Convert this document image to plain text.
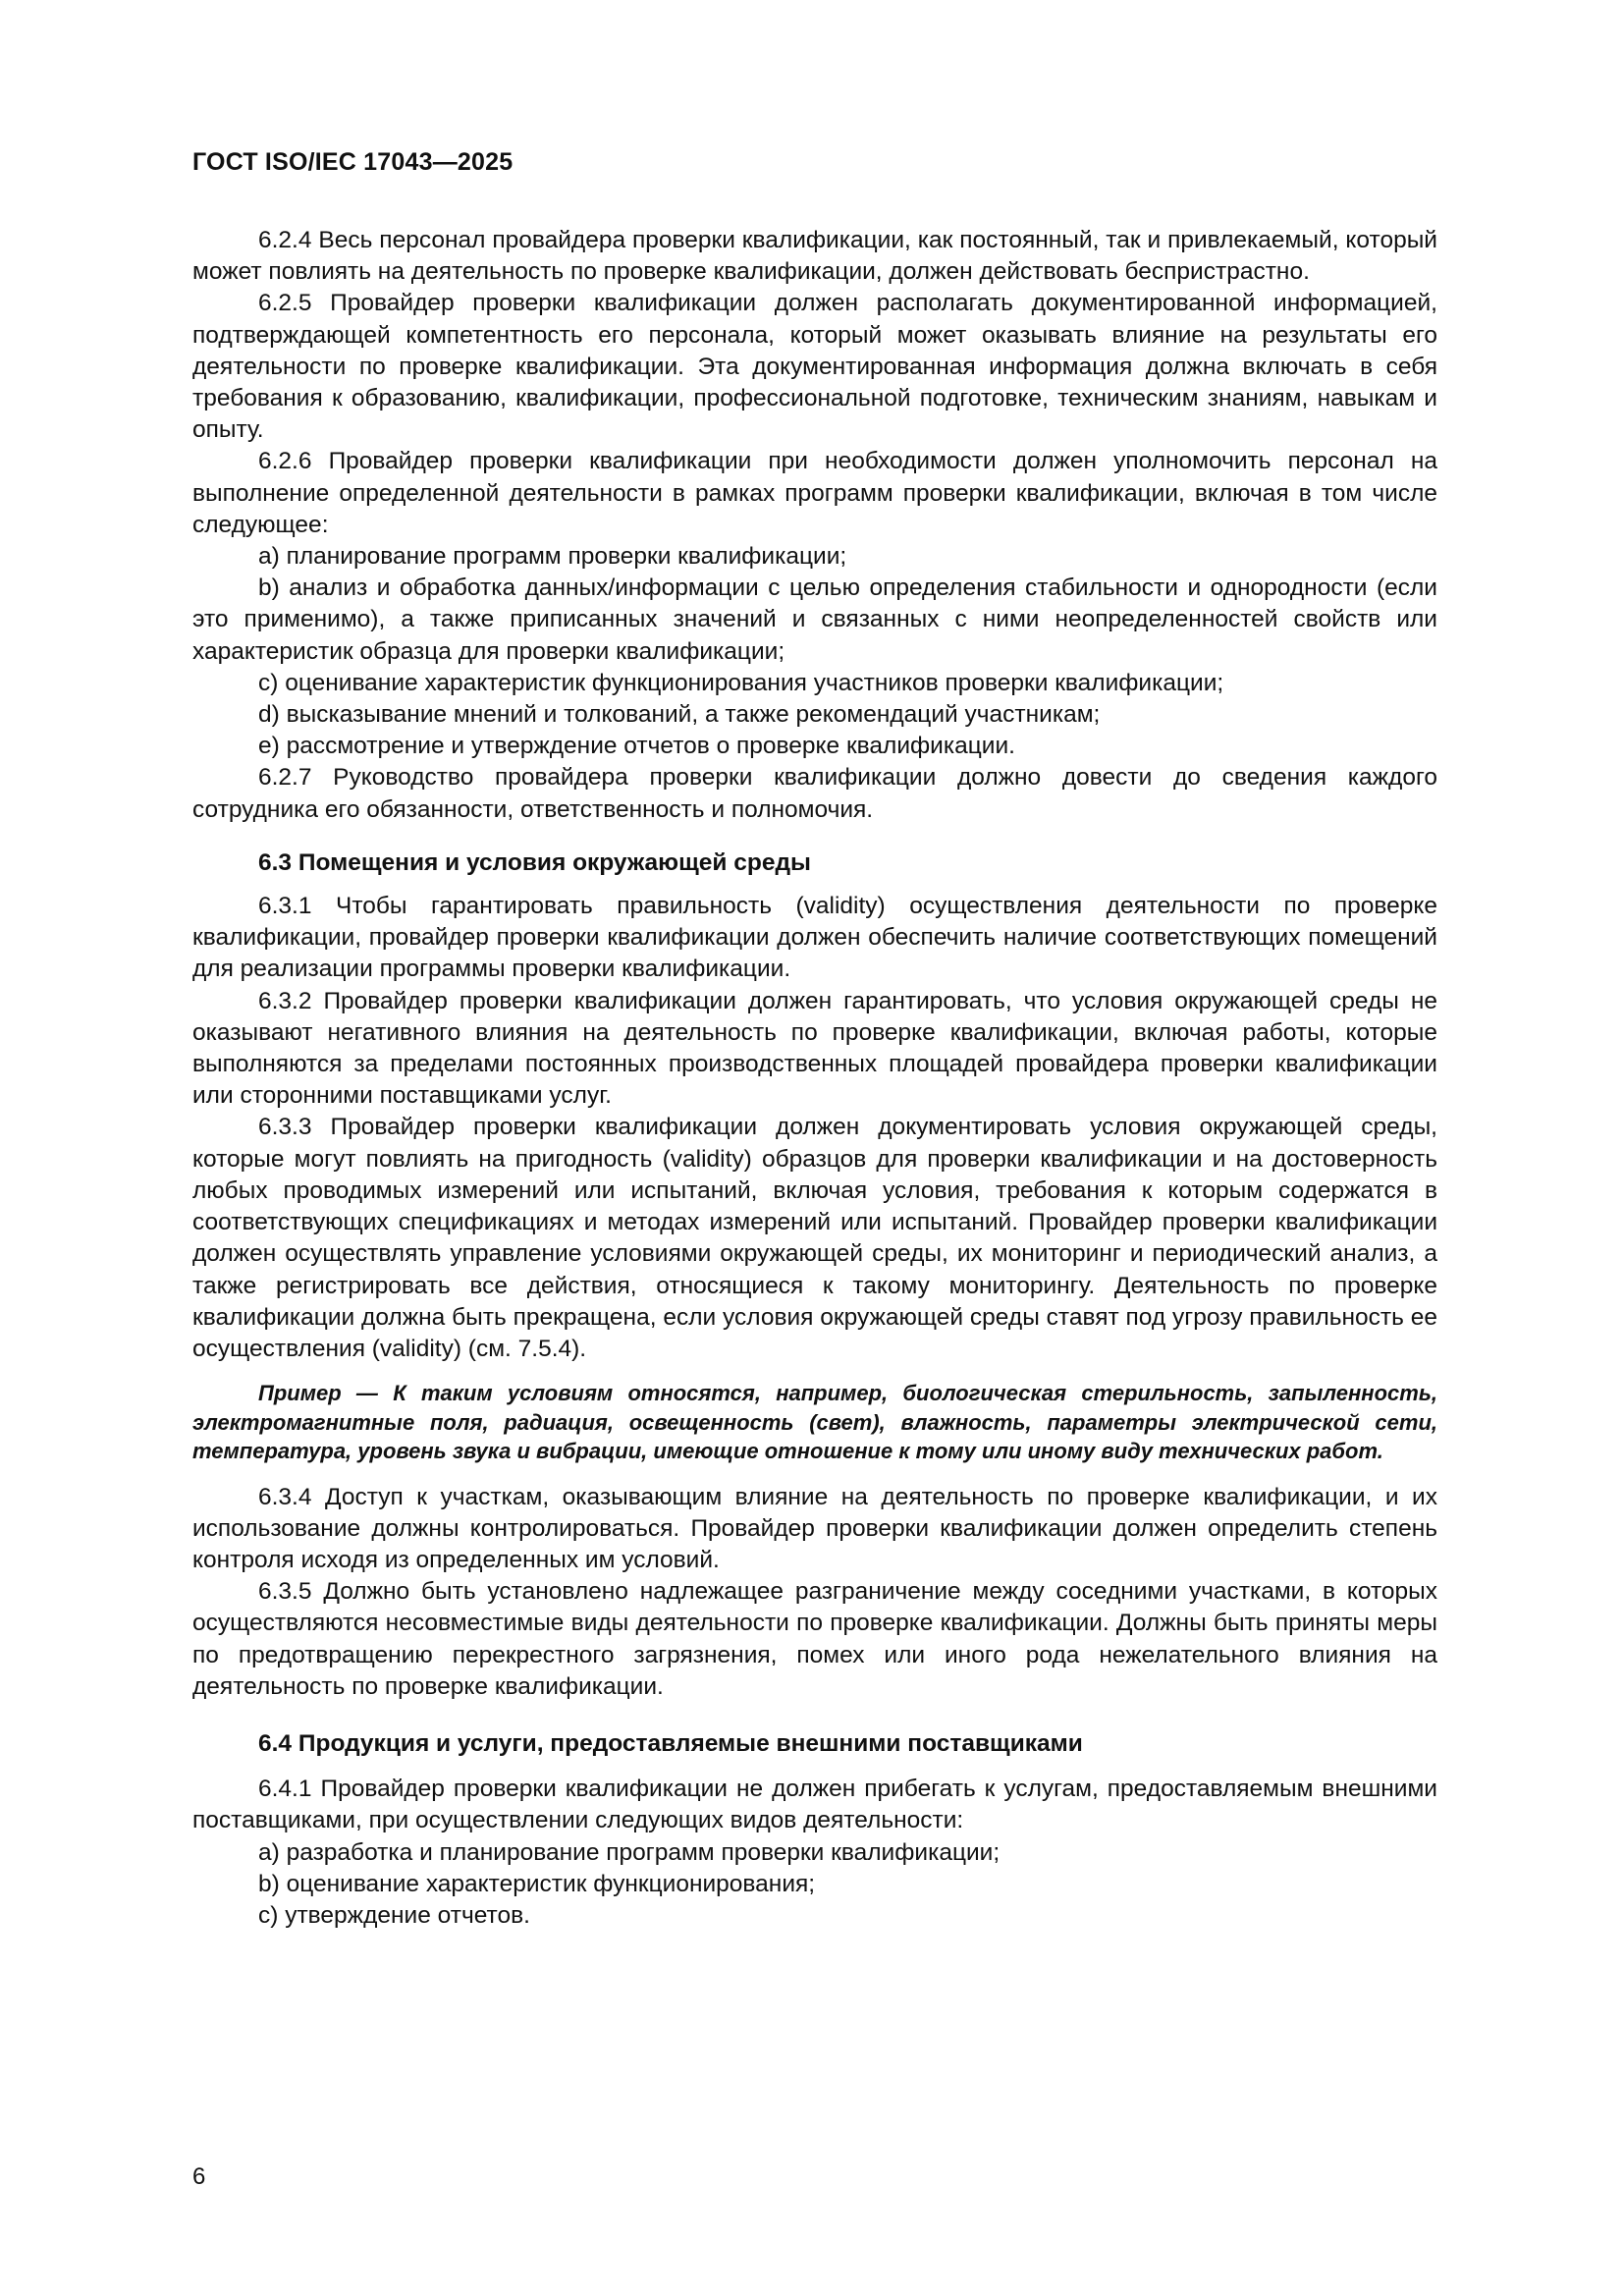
ГОСТ ISO/IEC 17043—2025

6.2.4 Весь персонал провайдера проверки квалификации, как постоянный, так и привлекаемый, который может повлиять на деятельность по проверке квалификации, должен действовать беспристрастно.

6.2.5 Провайдер проверки квалификации должен располагать документированной информацией, подтверждающей компетентность его персонала, который может оказывать влияние на результаты его деятельности по проверке квалификации. Эта документированная информация должна включать в себя требования к образованию, квалификации, профессиональной подготовке, техническим знаниям, навыкам и опыту.

6.2.6 Провайдер проверки квалификации при необходимости должен уполномочить персонал на выполнение определенной деятельности в рамках программ проверки квалификации, включая в том числе следующее:

а) планирование программ проверки квалификации;

b) анализ и обработка данных/информации с целью определения стабильности и однородности (если это применимо), а также приписанных значений и связанных с ними неопределенностей свойств или характеристик образца для проверки квалификации;

с) оценивание характеристик функционирования участников проверки квалификации;

d) высказывание мнений и толкований, а также рекомендаций участникам;

е) рассмотрение и утверждение отчетов о проверке квалификации.

6.2.7 Руководство провайдера проверки квалификации должно довести до сведения каждого сотрудника его обязанности, ответственность и полномочия.

6.3 Помещения и условия окружающей среды

6.3.1 Чтобы гарантировать правильность (validity) осуществления деятельности по проверке квалификации, провайдер проверки квалификации должен обеспечить наличие соответствующих помещений для реализации программы проверки квалификации.

6.3.2 Провайдер проверки квалификации должен гарантировать, что условия окружающей среды не оказывают негативного влияния на деятельность по проверке квалификации, включая работы, которые выполняются за пределами постоянных производственных площадей провайдера проверки квалификации или сторонними поставщиками услуг.

6.3.3 Провайдер проверки квалификации должен документировать условия окружающей среды, которые могут повлиять на пригодность (validity) образцов для проверки квалификации и на достоверность любых проводимых измерений или испытаний, включая условия, требования к которым содержатся в соответствующих спецификациях и методах измерений или испытаний. Провайдер проверки квалификации должен осуществлять управление условиями окружающей среды, их мониторинг и периодический анализ, а также регистрировать все действия, относящиеся к такому мониторингу. Деятельность по проверке квалификации должна быть прекращена, если условия окружающей среды ставят под угрозу правильность ее осуществления (validity) (см. 7.5.4).

Пример — К таким условиям относятся, например, биологическая стерильность, запыленность, электромагнитные поля, радиация, освещенность (свет), влажность, параметры электрической сети, температура, уровень звука и вибрации, имеющие отношение к тому или иному виду технических работ.

6.3.4 Доступ к участкам, оказывающим влияние на деятельность по проверке квалификации, и их использование должны контролироваться. Провайдер проверки квалификации должен определить степень контроля исходя из определенных им условий.

6.3.5 Должно быть установлено надлежащее разграничение между соседними участками, в которых осуществляются несовместимые виды деятельности по проверке квалификации. Должны быть приняты меры по предотвращению перекрестного загрязнения, помех или иного рода нежелательного влияния на деятельность по проверке квалификации.

6.4 Продукция и услуги, предоставляемые внешними поставщиками

6.4.1 Провайдер проверки квалификации не должен прибегать к услугам, предоставляемым внешними поставщиками, при осуществлении следующих видов деятельности:

а) разработка и планирование программ проверки квалификации;

b) оценивание характеристик функционирования;

с) утверждение отчетов.

6
